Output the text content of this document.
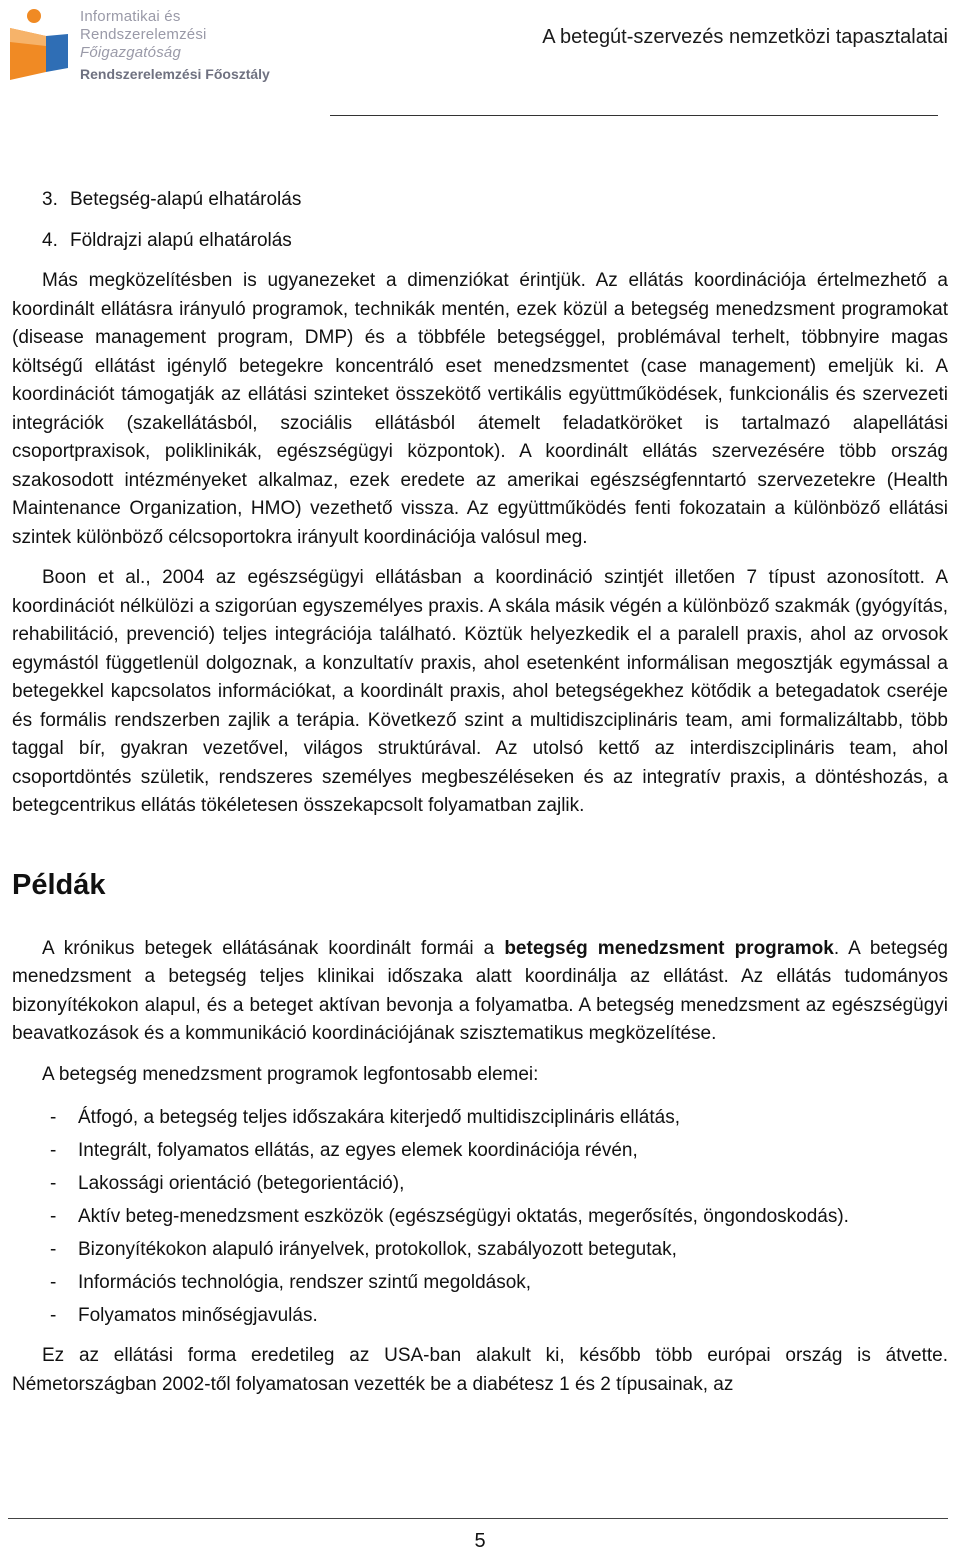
Informatikai és
Rendszerelemzési
Főigazgatóság
Rendszerelemzési Főosztály
A betegút-szervezés nemzetközi tapasztalatai
3. Betegség-alapú elhatárolás
4. Földrajzi alapú elhatárolás

Más megközelítésben is ugyanezeket a dimenziókat érintjük. Az ellátás koordinációja értelmezhető a koordinált ellátásra irányuló programok, technikák mentén, ezek közül a betegség menedzsment programokat (disease management program, DMP) és a többféle betegséggel, problémával terhelt, többnyire magas költségű ellátást igénylő betegekre koncentráló eset menedzsmentet (case management) emeljük ki. A koordinációt támogatják az ellátási szinteket összekötő vertikális együttműködések, funkcionális és szervezeti integrációk (szakellátásból, szociális ellátásból átemelt feladatköröket is tartalmazó alapellátási csoportpraxisok, poliklinikák, egészségügyi központok). A koordinált ellátás szervezésére több ország szakosodott intézményeket alkalmaz, ezek eredete az amerikai egészségfenntartó szervezetekre (Health Maintenance Organization, HMO) vezethető vissza. Az együttműködés fenti fokozatain a különböző ellátási szintek különböző célcsoportokra irányult koordinációja valósul meg.

Boon et al., 2004 az egészségügyi ellátásban a koordináció szintjét illetően 7 típust azonosított. A koordinációt nélkülözi a szigorúan egyszemélyes praxis. A skála másik végén a különböző szakmák (gyógyítás, rehabilitáció, prevenció) teljes integrációja található. Köztük helyezkedik el a paralell praxis, ahol az orvosok egymástól függetlenül dolgoznak, a konzultatív praxis, ahol esetenként informálisan megosztják egymással a betegekkel kapcsolatos információkat, a koordinált praxis, ahol betegségekhez kötődik a betegadatok cseréje és formális rendszerben zajlik a terápia. Következő szint a multidiszciplináris team, ami formalizáltabb, több taggal bír, gyakran vezetővel, világos struktúrával. Az utolsó kettő az interdiszciplináris team, ahol csoportdöntés születik, rendszeres személyes megbeszéléseken és az integratív praxis, a döntéshozás, a betegcentrikus ellátás tökéletesen összekapcsolt folyamatban zajlik.

Példák

A krónikus betegek ellátásának koordinált formái a betegség menedzsment programok. A betegség menedzsment a betegség teljes klinikai időszaka alatt koordinálja az ellátást. Az ellátás tudományos bizonyítékokon alapul, és a beteget aktívan bevonja a folyamatba. A betegség menedzsment az egészségügyi beavatkozások és a kommunikáció koordinációjának szisztematikus megközelítése.

A betegség menedzsment programok legfontosabb elemei:

- Átfogó, a betegség teljes időszakára kiterjedő multidiszciplináris ellátás,
- Integrált, folyamatos ellátás, az egyes elemek koordinációja révén,
- Lakossági orientáció (betegorientáció),
- Aktív beteg-menedzsment eszközök (egészségügyi oktatás, megerősítés, öngondoskodás).
- Bizonyítékokon alapuló irányelvek, protokollok, szabályozott betegutak,
- Információs technológia, rendszer szintű megoldások,
- Folyamatos minőségjavulás.

Ez az ellátási forma eredetileg az USA-ban alakult ki, később több európai ország is átvette. Németországban 2002-től folyamatosan vezették be a diabétesz 1 és 2 típusainak, az

5
